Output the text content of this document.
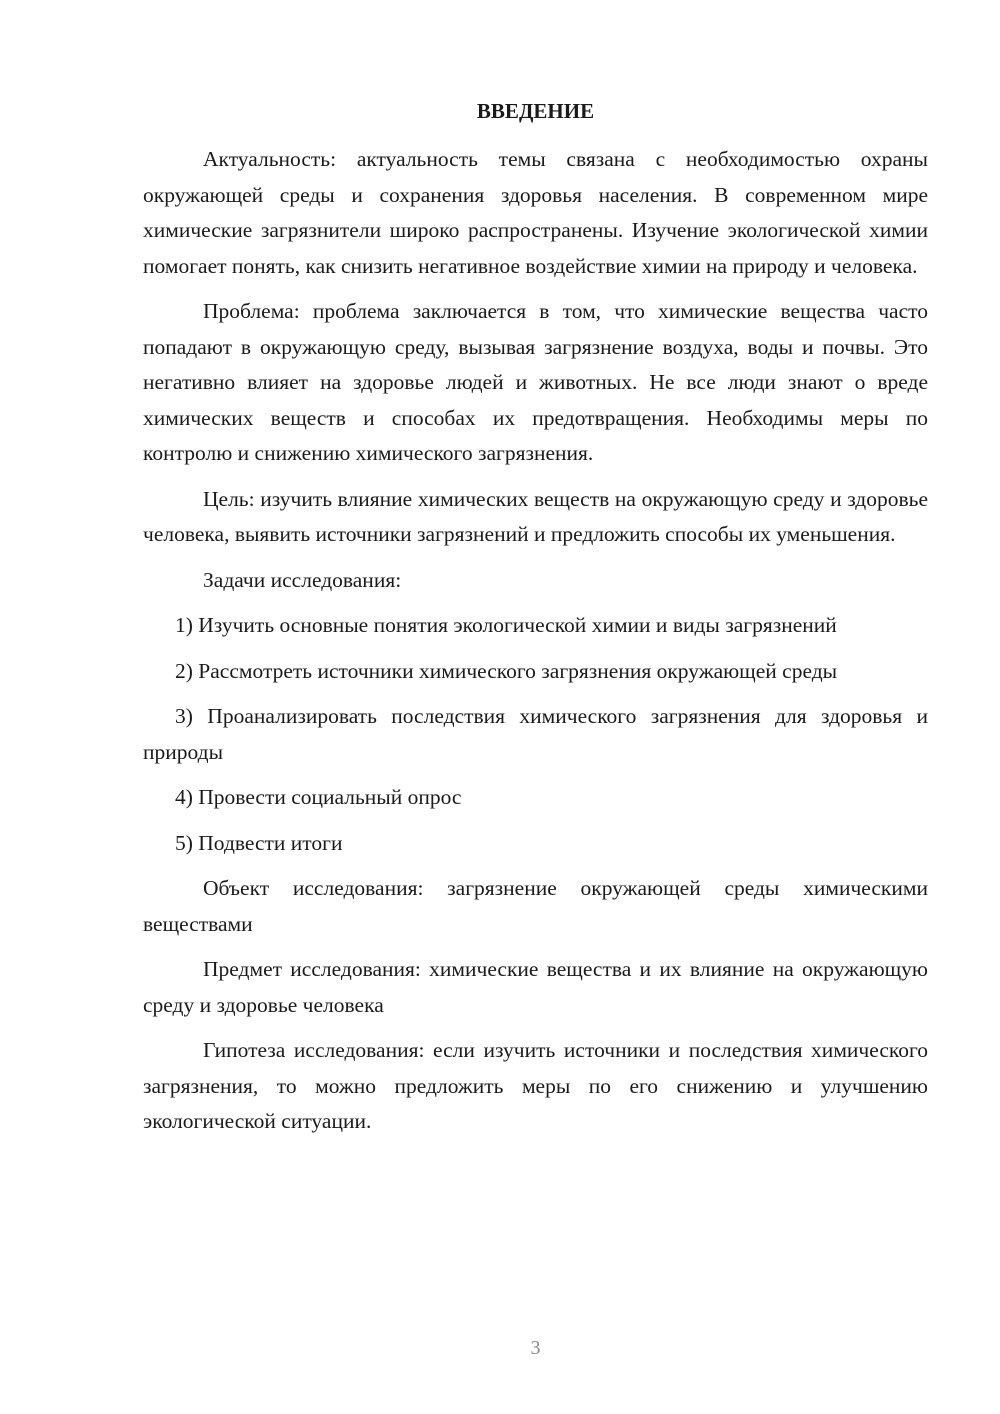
ВВЕДЕНИЕ

Актуальность: актуальность темы связана с необходимостью охраны окружающей среды и сохранения здоровья населения. В современном мире химические загрязнители широко распространены. Изучение экологической химии помогает понять, как снизить негативное воздействие химии на природу и человека.

Проблема: проблема заключается в том, что химические вещества часто попадают в окружающую среду, вызывая загрязнение воздуха, воды и почвы. Это негативно влияет на здоровье людей и животных. Не все люди знают о вреде химических веществ и способах их предотвращения. Необходимы меры по контролю и снижению химического загрязнения.

Цель: изучить влияние химических веществ на окружающую среду и здоровье человека, выявить источники загрязнений и предложить способы их уменьшения.

Задачи исследования:

1) Изучить основные понятия экологической химии и виды загрязнений

2) Рассмотреть источники химического загрязнения окружающей среды

3) Проанализировать последствия химического загрязнения для здоровья и природы

4) Провести социальный опрос

5) Подвести итоги

Объект исследования: загрязнение окружающей среды химическими веществами

Предмет исследования: химические вещества и их влияние на окружающую среду и здоровье человека

Гипотеза исследования: если изучить источники и последствия химического загрязнения, то можно предложить меры по его снижению и улучшению экологической ситуации.

3
